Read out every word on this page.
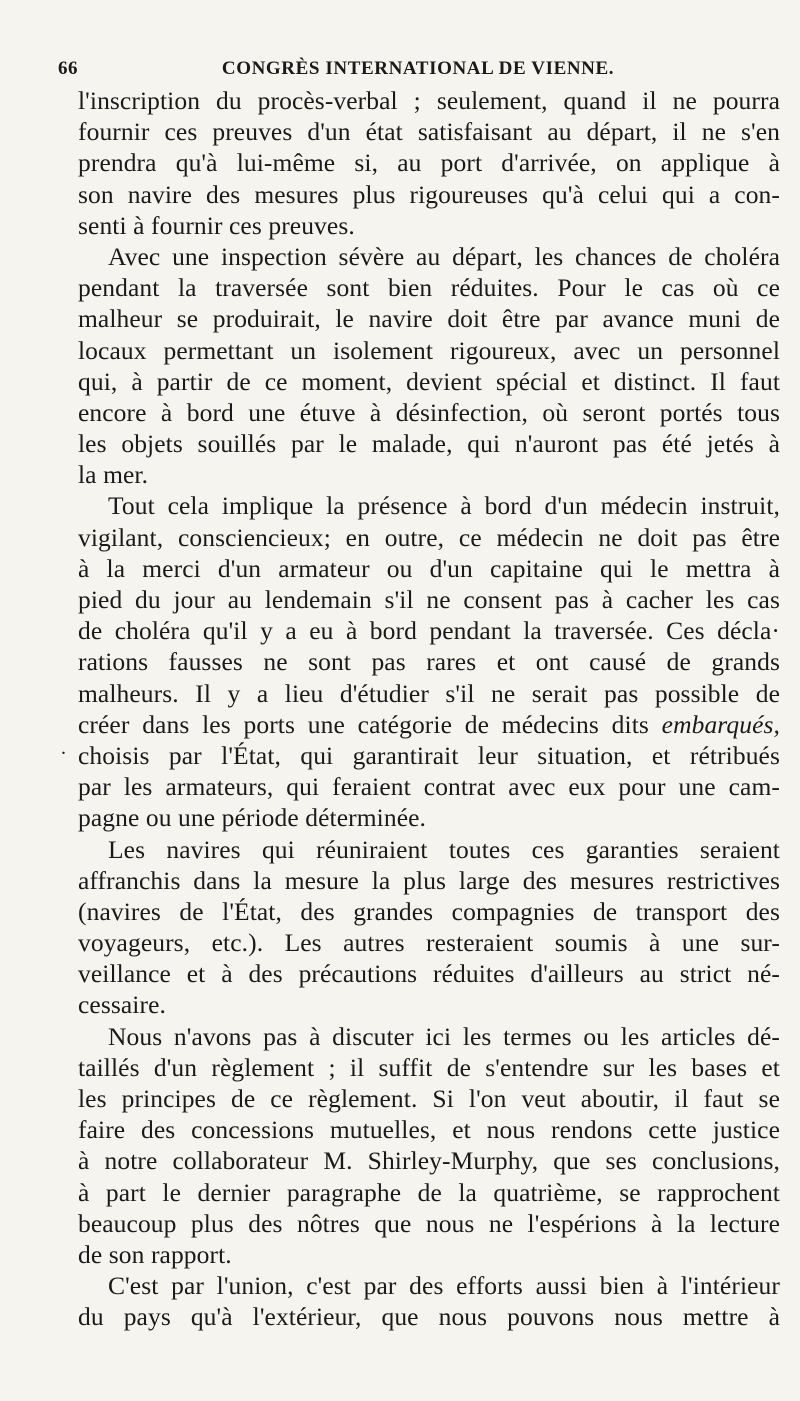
66	CONGRÈS INTERNATIONAL DE VIENNE.
.
l'inscription du procès-verbal ; seulement, quand il ne pourra
fournir ces preuves d'un état satisfaisant au départ, il ne s'en
prendra qu'à lui-même si, au port d'arrivée, on applique à
son navire des mesures plus rigoureuses qu'à celui qui a con-
senti à fournir ces preuves.
Avec une inspection sévère au départ, les chances de choléra
pendant la traversée sont bien réduites. Pour le cas où ce
malheur se produirait, le navire doit être par avance muni de
locaux permettant un isolement rigoureux, avec un personnel
qui, à partir de ce moment, devient spécial et distinct. Il faut
encore à bord une étuve à désinfection, où seront portés tous
les objets souillés par le malade, qui n'auront pas été jetés à
la mer.
Tout cela implique la présence à bord d'un médecin instruit,
vigilant, consciencieux; en outre, ce médecin ne doit pas être
à la merci d'un armateur ou d'un capitaine qui le mettra à
pied du jour au lendemain s'il ne consent pas à cacher les cas
de choléra qu'il y a eu à bord pendant la traversée. Ces décla·
rations fausses ne sont pas rares et ont causé de grands
malheurs. Il y a lieu d'étudier s'il ne serait pas possible de
créer dans les ports une catégorie de médecins dits embarqués,
choisis par l'État, qui garantirait leur situation, et rétribués
par les armateurs, qui feraient contrat avec eux pour une cam-
pagne ou une période déterminée.
Les navires qui réuniraient toutes ces garanties seraient
affranchis dans la mesure la plus large des mesures restrictives
(navires de l'État, des grandes compagnies de transport des
voyageurs, etc.). Les autres resteraient soumis à une sur-
veillance et à des précautions réduites d'ailleurs au strict né-
cessaire.
Nous n'avons pas à discuter ici les termes ou les articles dé-
taillés d'un règlement ; il suffit de s'entendre sur les bases et
les principes de ce règlement. Si l'on veut aboutir, il faut se
faire des concessions mutuelles, et nous rendons cette justice
à notre collaborateur M. Shirley-Murphy, que ses conclusions,
à part le dernier paragraphe de la quatrième, se rapprochent
beaucoup plus des nôtres que nous ne l'espérions à la lecture
de son rapport.
C'est par l'union, c'est par des efforts aussi bien à l'intérieur
du pays qu'à l'extérieur, que nous pouvons nous mettre à
